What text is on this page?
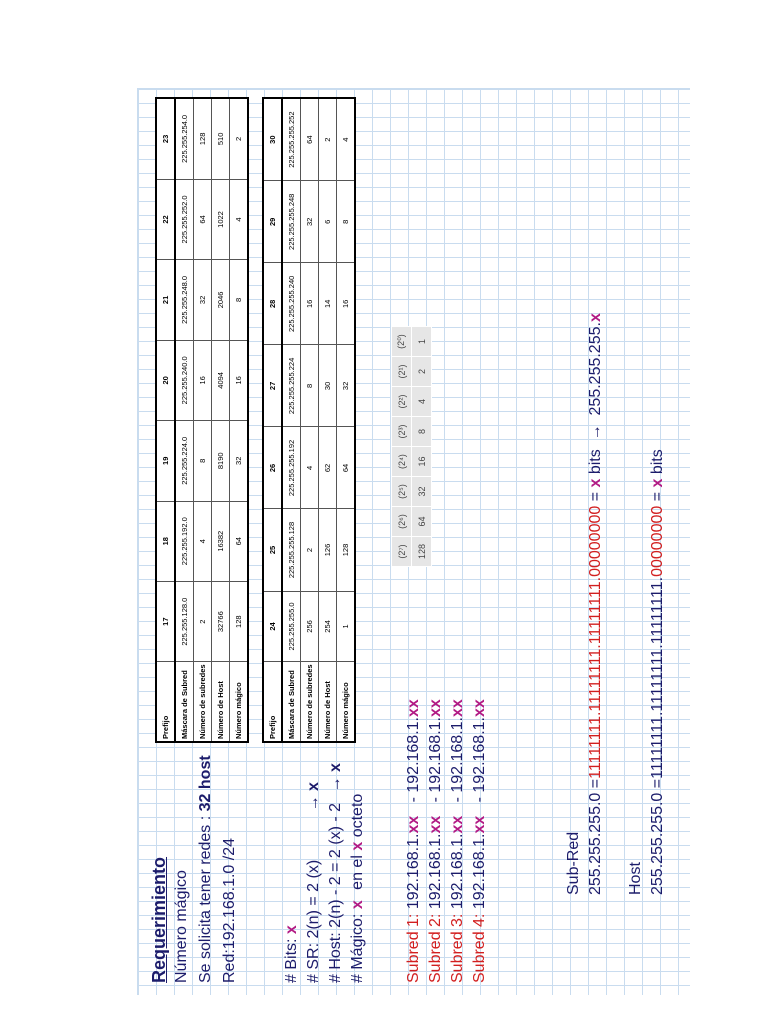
Requerimiento Número mágico Se solicita tener redes : 32 host
Red:192.168.1.0 /24	# Bits: x # SR: 2(n) = 2 (x) → x
# Host: 2(n) - 2 = 2 (x) - 2 → x
# Mágico: x en el x octeto
Subred 1: 192.168.1.xx   - 192.168.1.xx
Subred 2: 192.168.1.xx   - 192.168.1.xx
Subred 3: 192.168.1.xx   - 192.168.1.xx
Subred 4: 192.168.1.xx   - 192.168.1.xx
Sub-Red 255.255.255.0 =11111111.11111111.11111111.00000000 = x bits  →  255.255.255.x
Host 255.255.255.0 =11111111.11111111.11111111.00000000 = x bits
Prefijo	17	18	19	20	21	22	23
Máscara de Subred	225.255.128.0	225.255.192.0	225.255.224.0	225.255.240.0	225.255.248.0	225.255.252.0	225.255.254.0
Número de subredes	2	4	8	16	32	64	128
Número de Host	32766	16382	8190	4094	2046	1022	510
Número mágico	128	64	32	16	8	4	2
Prefijo	24	25	26	27	28	29	30
Máscara de Subred	225.255.255.0	225.255.255.128	225.255.255.192	225.255.255.224	225.255.255.240	225.255.255.248	225.255.255.252
Número de subredes	256	2	4	8	16	32	64
Número de Host	254	126	62	30	14	6	2
Número mágico	1	128	64	32	16	8	4
(2⁷)	(2⁶)	(2⁵)	(2⁴)	(2³)	(2²)	(2¹)	(2⁰)
128	64	32	16	8	4	2	1
